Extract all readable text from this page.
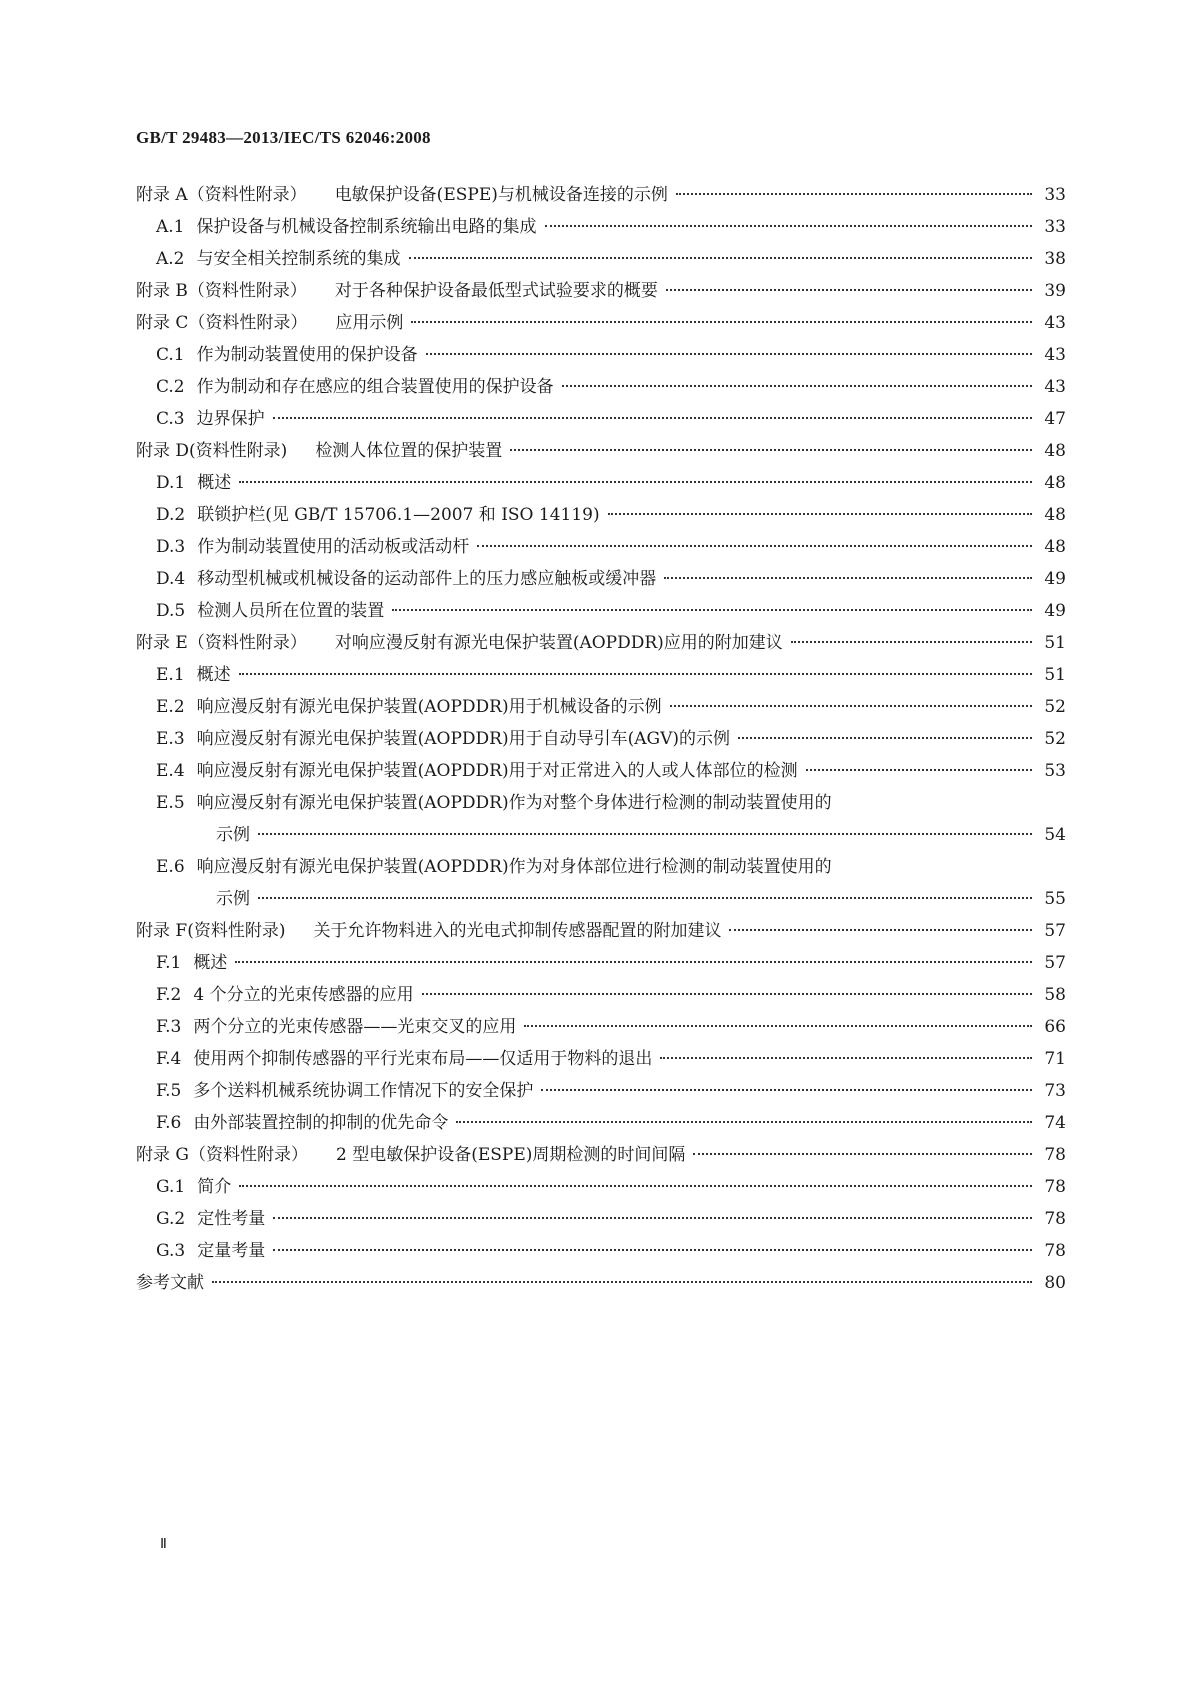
GB/T 29483—2013/IEC/TS 62046:2008
附录 A（资料性附录） 电敏保护设备(ESPE)与机械设备连接的示例	33
A.1 保护设备与机械设备控制系统输出电路的集成	33
A.2 与安全相关控制系统的集成	38
附录 B（资料性附录） 对于各种保护设备最低型式试验要求的概要	39
附录 C（资料性附录） 应用示例	43
C.1 作为制动装置使用的保护设备	43
C.2 作为制动和存在感应的组合装置使用的保护设备	43
C.3 边界保护	47
附录 D(资料性附录) 检测人体位置的保护装置	48
D.1 概述	48
D.2 联锁护栏(见 GB/T 15706.1—2007 和 ISO 14119)	48
D.3 作为制动装置使用的活动板或活动杆	48
D.4 移动型机械或机械设备的运动部件上的压力感应触板或缓冲器	49
D.5 检测人员所在位置的装置	49
附录 E（资料性附录） 对响应漫反射有源光电保护装置(AOPDDR)应用的附加建议	51
E.1 概述	51
E.2 响应漫反射有源光电保护装置(AOPDDR)用于机械设备的示例	52
E.3 响应漫反射有源光电保护装置(AOPDDR)用于自动导引车(AGV)的示例	52
E.4 响应漫反射有源光电保护装置(AOPDDR)用于对正常进入的人或人体部位的检测	53
E.5 响应漫反射有源光电保护装置(AOPDDR)作为对整个身体进行检测的制动装置使用的
示例	54
E.6 响应漫反射有源光电保护装置(AOPDDR)作为对身体部位进行检测的制动装置使用的
示例	55
附录 F(资料性附录) 关于允许物料进入的光电式抑制传感器配置的附加建议	57
F.1 概述	57
F.2 4 个分立的光束传感器的应用	58
F.3 两个分立的光束传感器——光束交叉的应用	66
F.4 使用两个抑制传感器的平行光束布局——仅适用于物料的退出	71
F.5 多个送料机械系统协调工作情况下的安全保护	73
F.6 由外部装置控制的抑制的优先命令	74
附录 G（资料性附录） 2 型电敏保护设备(ESPE)周期检测的时间间隔	78
G.1 简介	78
G.2 定性考量	78
G.3 定量考量	78
参考文献	80
Ⅱ
